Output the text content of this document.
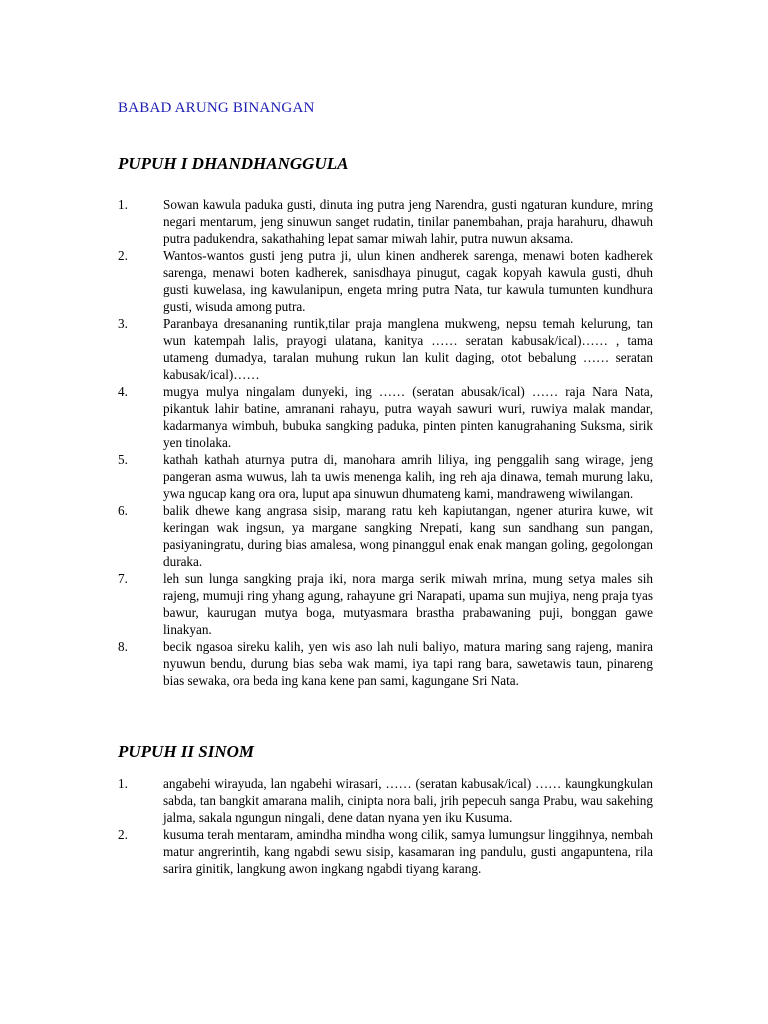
BABAD ARUNG BINANGAN
PUPUH I DHANDHANGGULA
1.	Sowan kawula paduka gusti, dinuta ing putra jeng Narendra, gusti ngaturan kundure, mring negari mentarum, jeng sinuwun sanget rudatin, tinilar panembahan, praja harahuru, dhawuh putra padukendra, sakathahing lepat samar miwah lahir, putra nuwun aksama.
2.	Wantos-wantos gusti jeng putra ji, ulun kinen andherek sarenga, menawi boten kadherek sarenga, menawi boten kadherek, sanisdhaya pinugut, cagak kopyah kawula gusti, dhuh gusti kuwelasa, ing kawulanipun, engeta mring putra Nata, tur kawula tumunten kundhura gusti, wisuda among putra.
3.	Paranbaya dresananing runtik,tilar praja manglena mukweng, nepsu temah kelurung, tan wun katempah lalis, prayogi ulatana, kanitya …… seratan kabusak/ical)…… , tama utameng dumadya, taralan muhung rukun lan kulit daging, otot bebalung …… seratan kabusak/ical)……
4.	mugya mulya ningalam dunyeki, ing …… (seratan abusak/ical) …… raja Nara Nata, pikantuk lahir batine, amranani rahayu, putra wayah sawuri wuri, ruwiya malak mandar, kadarmanya wimbuh, bubuka sangking paduka, pinten pinten kanugrahaning Suksma, sirik yen tinolaka.
5.	kathah kathah aturnya putra di, manohara amrih liliya, ing penggalih sang wirage, jeng pangeran asma wuwus, lah ta uwis menenga kalih, ing reh aja dinawa, temah murung laku, ywa ngucap kang ora ora, luput apa sinuwun dhumateng kami, mandraweng wiwilangan.
6.	balik dhewe kang angrasa sisip, marang ratu keh kapiutangan, ngener aturira kuwe, wit keringan wak ingsun, ya margane sangking Nrepati, kang sun sandhang sun pangan, pasiyaningratu, during bias amalesa, wong pinanggul enak enak mangan goling, gegolongan duraka.
7.	leh sun lunga sangking praja iki, nora marga serik miwah mrina, mung setya males sih rajeng, mumuji ring yhang agung, rahayune gri Narapati, upama sun mujiya, neng praja tyas bawur, kaurugan mutya boga, mutyasmara brastha prabawaning puji, bonggan gawe linakyan.
8.	becik ngasoa sireku kalih, yen wis aso lah nuli baliyo, matura maring sang rajeng, manira nyuwun bendu, durung bias seba wak mami, iya tapi rang bara, sawetawis taun, pinareng bias sewaka, ora beda ing kana kene pan sami, kagungane Sri Nata.
PUPUH II SINOM
1.	angabehi wirayuda, lan ngabehi wirasari, …… (seratan kabusak/ical) …… kaungkungkulan sabda, tan bangkit amarana malih, cinipta nora bali, jrih pepecuh sanga Prabu, wau sakehing jalma, sakala ngungun ningali, dene datan nyana yen iku Kusuma.
2.	kusuma terah mentaram, amindha mindha wong cilik, samya lumungsur linggihnya, nembah matur angrerintih, kang ngabdi sewu sisip, kasamaran ing pandulu, gusti angapuntena, rila sarira ginitik, langkung awon ingkang ngabdi tiyang karang.
